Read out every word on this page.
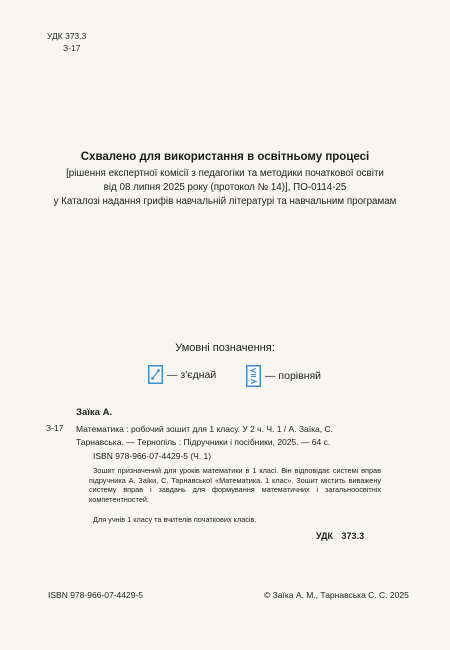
УДК 373.3
З-17
Схвалено для використання в освітньому процесі
[рішення експертної комісії з педагогіки та методики початкової освіти
від 08 липня 2025 року (протокол № 14)], ПО-0114-25
у Каталозі надання грифів навчальній літературі та навчальним програмам
Умовні позначення:
— з'єднай	— порівняй
Заїка А.
З-17 Математика : робочий зошит для 1 класу. У 2 ч. Ч. 1 / А. Заїка, С. Тарнавська. — Тернопіль : Підручники і посібники, 2025. — 64 с.
ISBN 978-966-07-4429-5 (Ч. 1)

Зошит призначений для уроків математики в 1 класі. Він відповідає системі вправ підручника А. Заїки, С. Тарнавської «Математика. 1 клас». Зошит містить виважену систему вправ і завдань для формування математичних і загальноосвітніх компетентностей.

Для учнів 1 класу та вчителів початкових класів.
УДК 373.3
ISBN 978-966-07-4429-5	© Заїка А. М., Тарнавська С. С. 2025
